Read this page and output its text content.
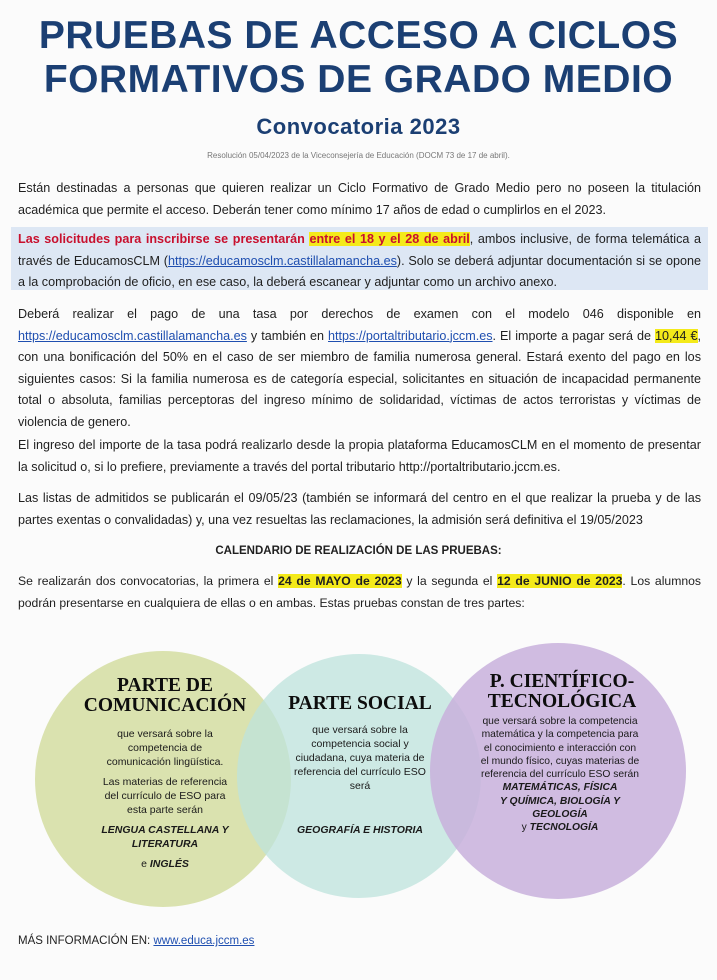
PRUEBAS DE ACCESO A CICLOS
FORMATIVOS DE GRADO MEDIO
Convocatoria 2023
Resolución 05/04/2023 de la Viceconsejería de Educación (DOCM 73 de 17 de abril).
Están destinadas a personas que quieren realizar un Ciclo Formativo de Grado Medio pero no poseen la titulación académica que permite el acceso. Deberán tener como mínimo 17 años de edad o cumplirlos en el 2023.
Las solicitudes para inscribirse se presentarán entre el 18 y el 28 de abril, ambos inclusive, de forma telemática a través de EducamosCLM (https://educamosclm.castillalamancha.es). Solo se deberá adjuntar documentación si se opone a la comprobación de oficio, en ese caso, la deberá escanear y adjuntar como un archivo anexo.
Deberá realizar el pago de una tasa por derechos de examen con el modelo 046 disponible en https://educamosclm.castillalamancha.es y también en https://portaltributario.jccm.es. El importe a pagar será de 10,44 €, con una bonificación del 50% en el caso de ser miembro de familia numerosa general. Estará exento del pago en los siguientes casos: Si la familia numerosa es de categoría especial, solicitantes en situación de incapacidad permanente total o absoluta, familias perceptoras del ingreso mínimo de solidaridad, víctimas de actos terroristas y víctimas de violencia de genero.
El ingreso del importe de la tasa podrá realizarlo desde la propia plataforma EducamosCLM en el momento de presentar la solicitud o, si lo prefiere, previamente a través del portal tributario http://portaltributario.jccm.es.
Las listas de admitidos se publicarán el 09/05/23 (también se informará del centro en el que realizar la prueba y de las partes exentas o convalidadas) y, una vez resueltas las reclamaciones, la admisión será definitiva el 19/05/2023
CALENDARIO DE REALIZACIÓN DE LAS PRUEBAS:
Se realizarán dos convocatorias, la primera el 24 de MAYO de 2023 y la segunda el 12 de JUNIO de 2023. Los alumnos podrán presentarse en cualquiera de ellas o en ambas. Estas pruebas constan de tres partes:
PARTE DE COMUNICACIÓN
que versará sobre la competencia de comunicación lingüística.
Las materias de referencia del currículo de ESO para esta parte serán
LENGUA CASTELLANA Y LITERATURA
e INGLÉS
PARTE SOCIAL
que versará sobre la competencia social y ciudadana, cuya materia de referencia del currículo ESO será
GEOGRAFÍA E HISTORIA
P. CIENTÍFICO-TECNOLÓGICA
que versará sobre la competencia matemática y la competencia para el conocimiento e interacción con el mundo físico, cuyas materias de referencia del currículo ESO serán
MATEMÁTICAS, FÍSICA Y QUÍMICA, BIOLOGÍA Y GEOLOGÍA
y TECNOLOGÍA
MÁS INFORMACIÓN EN: www.educa.jccm.es
